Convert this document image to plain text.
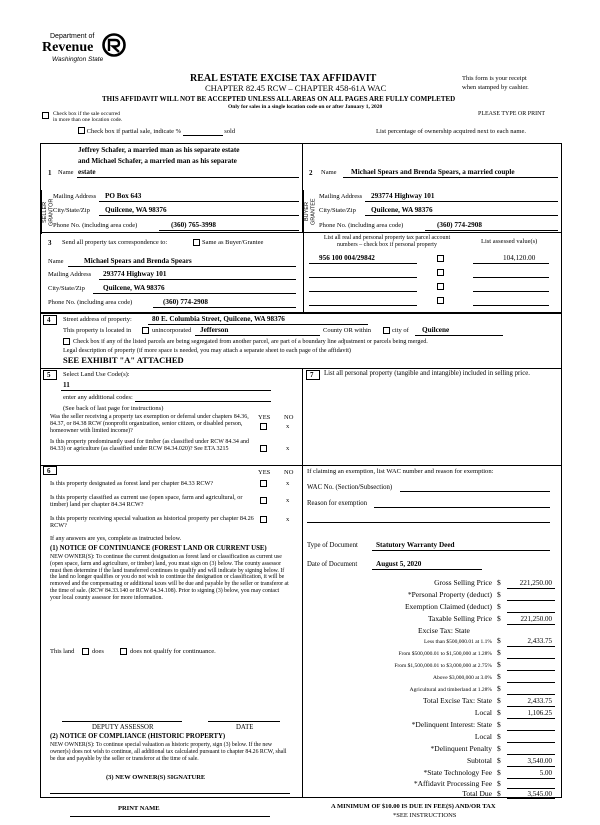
Department of
Revenue
Washington State
REAL ESTATE EXCISE TAX AFFIDAVIT
CHAPTER 82.45 RCW – CHAPTER 458-61A WAC
THIS AFFIDAVIT WILL NOT BE ACCEPTED UNLESS ALL AREAS ON ALL PAGES ARE FULLY COMPLETED
Only for sales in a single location code on or after January 1, 2020
This form is your receipt
when stamped by cashier.
PLEASE TYPE OR PRINT
Check box if the sale occurred
in more than one location code.
Check box if partial sale, indicate %	sold	List percentage of ownership acquired next to each name.
SELLER GRANTOR
1 Name
Jeffrey Schafer, a married man as his separate estate
and Michael Schafer, a married man as his separate
estate
Mailing Address PO Box 643
City/State/Zip Quilcene, WA 98376
Phone No. (including area code)	(360) 765-3998
BUYER GRANTEE
2 Name Michael Spears and Brenda Spears, a married couple
Mailing Address 293774 Highway 101
City/State/Zip Quilcene, WA 98376
Phone No. (including area code)	(360) 774-2908
3 Send all property tax correspondence to:	Same as Buyer/Grantee
Name	Michael Spears and Brenda Spears
Mailing Address 293774 Highway 101
City/State/Zip	Quilcene, WA 98376
Phone No. (including area code)	(360) 774-2908
List all real and personal property tax parcel account
numbers – check box if personal property	List assessed value(s)
956 100 004/29842	104,120.00
4	Street address of property:	80 E. Columbia Street, Quilcene, WA 98376
This property is located in	unincorporated Jefferson	County OR within	city of Quilcene
Check box if any of the listed parcels are being segregated from another parcel, are part of a boundary line adjustment or parcels being merged.
Legal description of property (if more space is needed, you may attach a separate sheet to each page of the affidavit)
SEE EXHIBIT "A" ATTACHED
5	Select Land Use Code(s):
11
enter any additional codes:
(See back of last page for instructions)
YES NO
Was the seller receiving a property tax exemption or deferral under chapters 84.36, 84.37, or 84.38 RCW (nonprofit organization, senior citizen, or disabled person, homeowner with limited income)?
x
Is this property predominantly used for timber (as classified under RCW 84.34 and 84.33) or agriculture (as classified under RCW 84.34.020)? See ETA 3215	x
7	List all personal property (tangible and intangible) included in selling price.
6	YES NO
Is this property designated as forest land per chapter 84.33 RCW?	x
Is this property classified as current use (open space, farm and agricultural, or timber) land per chapter 84.34 RCW?
x
Is this property receiving special valuation as historical property per chapter 84.26 RCW?
x
If any answers are yes, complete as instructed below.
(1) NOTICE OF CONTINUANCE (FOREST LAND OR CURRENT USE)
NEW OWNER(S): To continue the current designation as forest land or classification as current use (open space, farm and agriculture, or timber) land, you must sign on (3) below. The county assessor must then determine if the land transferred continues to qualify and will indicate by signing below. If the land no longer qualifies or you do not wish to continue the designation or classification, it will be removed and the compensating or additional taxes will be due and payable by the seller or transferor at the time of sale. (RCW 84.33.140 or RCW 84.34.108). Prior to signing (3) below, you may contact your local county assessor for more information.
This land	does	does not qualify for continuance.
DEPUTY ASSESSOR	DATE
(2) NOTICE OF COMPLIANCE (HISTORIC PROPERTY)
NEW OWNER(S): To continue special valuation as historic property, sign (3) below. If the new owner(s) does not wish to continue, all additional tax calculated pursuant to chapter 84.26 RCW, shall be due and payable by the seller or transferor at the time of sale.
(3) NEW OWNER(S) SIGNATURE
PRINT NAME
If claiming an exemption, list WAC number and reason for exemption:
WAC No. (Section/Subsection)
Reason for exemption
Type of Document	Statutory Warranty Deed
Date of Document	August 5, 2020
Gross Selling Price $	221,250.00
*Personal Property (deduct) $
Exemption Claimed (deduct) $
Taxable Selling Price $	221,250.00
Excise Tax: State
Less than $500,000.01 at 1.1% $	2,433.75
From $500,000.01 to $1,500,000 at 1.28% $
From $1,500,000.01 to $3,000,000 at 2.75% $
Above $3,000,000 at 3.0% $
Agricultural and timberland at 1.28% $
Total Excise Tax: State $	2,433.75
Local $	1,106.25
*Delinquent Interest: State $
Local $
*Delinquent Penalty $
Subtotal $	3,540.00
*State Technology Fee $	5.00
*Affidavit Processing Fee $
Total Due $	3,545.00
A MINIMUM OF $10.00 IS DUE IN FEE(S) AND/OR TAX
*SEE INSTRUCTIONS
